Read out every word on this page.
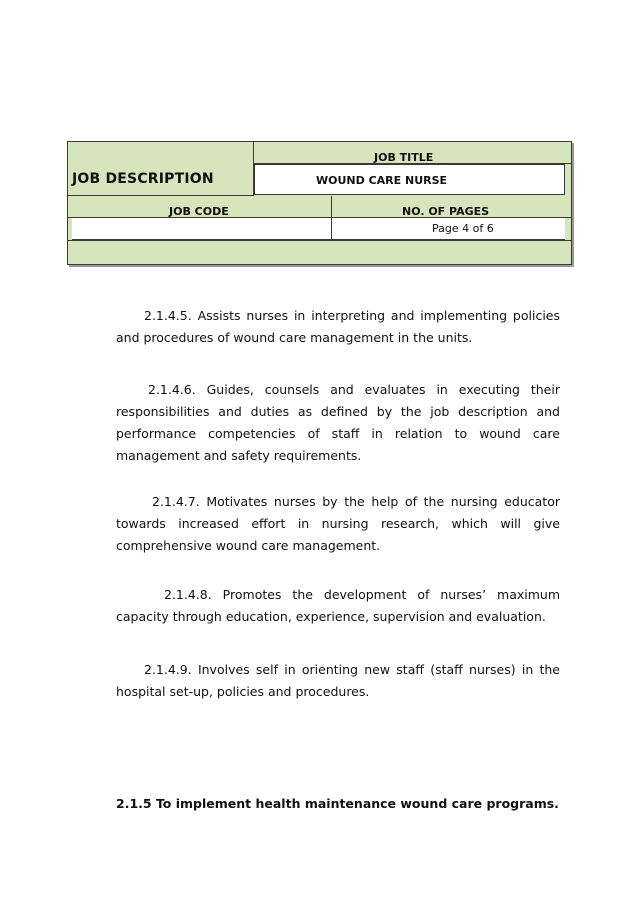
JOB DESCRIPTION
JOB TITLE
WOUND CARE NURSE
JOB CODE	NO. OF PAGES
Page 4 of 6

2.1.4.5. Assists nurses in interpreting and implementing policies and procedures of wound care management in the units.

2.1.4.6. Guides, counsels and evaluates in executing their responsibilities and duties as defined by the job description and performance competencies of staff in relation to wound care management and safety requirements.

2.1.4.7. Motivates nurses by the help of the nursing educator towards increased effort in nursing research, which will give comprehensive wound care management.

2.1.4.8. Promotes the development of nurses’ maximum capacity through education, experience, supervision and evaluation.

2.1.4.9. Involves self in orienting new staff (staff nurses) in the hospital set-up, policies and procedures.

2.1.5 To implement health maintenance wound care programs.
